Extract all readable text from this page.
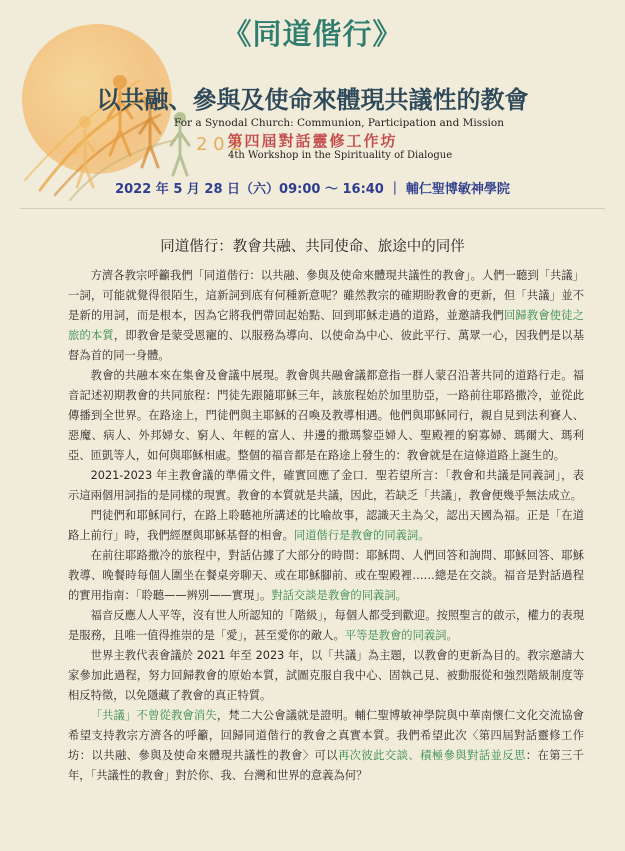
2 0 2
《同道偕行》
以共融、參與及使命來體現共議性的教會
For a Synodal Church: Communion, Participation and Mission
第四屆對話靈修工作坊
4th Workshop in the Spirituality of Dialogue
2022 年 5 月 28 日（六）09:00 ～ 16:40 ｜ 輔仁聖博敏神學院
同道偕行：教會共融、共同使命、旅途中的同伴

方濟各教宗呼籲我們「同道偕行：以共融、參與及使命來體現共議性的教會」。人們一聽到「共議」一詞，可能就覺得很陌生，這新詞到底有何種新意呢？雖然教宗的確期盼教會的更新，但「共議」並不是新的用詞，而是根本，因為它將我們帶回起始點、回到耶穌走過的道路，並邀請我們回歸教會使徒之旅的本質，即教會是蒙受恩寵的、以服務為導向、以使命為中心、彼此平行、萬眾一心，因我們是以基督為首的同一身體。

教會的共融本來在集會及會議中展現。教會與共融會議都意指一群人蒙召沿著共同的道路行走。福音記述初期教會的共同旅程：門徒先跟隨耶穌三年，該旅程始於加里肋亞，一路前往耶路撒冷，並從此傳播到全世界。在路途上，門徒們與主耶穌的召喚及教導相遇。他們與耶穌同行，親自見到法利賽人、惡魔、病人、外邦婦女、窮人、年輕的富人、井邊的撒瑪黎亞婦人、聖殿裡的窮寡婦、瑪爾大、瑪利亞、匝凱等人，如何與耶穌相處。整個的福音都是在路途上發生的：教會就是在這條道路上誕生的。

2021-2023 年主教會議的準備文件，確實回應了金口．聖若望所言：「教會和共議是同義詞」，表示這兩個用詞指的是同樣的現實。教會的本質就是共議，因此，若缺乏「共議」，教會便幾乎無法成立。

門徒們和耶穌同行，在路上聆聽祂所講述的比喻故事，認識天主為父，認出天國為福。正是「在道路上前行」時，我們經歷與耶穌基督的相會。同道偕行是教會的同義詞。

在前往耶路撒冷的旅程中，對話佔據了大部分的時間：耶穌問、人們回答和詢問、耶穌回答、耶穌教導、晚餐時每個人圍坐在餐桌旁聊天、或在耶穌腳前、或在聖殿裡……總是在交談。福音是對話過程的實用指南：「聆聽——辨別——實現」。對話交談是教會的同義詞。

福音反應人人平等，沒有世人所認知的「階級」，每個人都受到歡迎。按照聖言的啟示，權力的表現是服務，且唯一值得推崇的是「愛」，甚至愛你的敵人。平等是教會的同義詞。

世界主教代表會議於 2021 年至 2023 年，以「共議」為主題，以教會的更新為目的。教宗邀請大家參加此過程，努力回歸教會的原始本質，試圖克服自我中心、固執己見、被動服從和強烈階級制度等相反特徵，以免隱藏了教會的真正特質。

「共議」不曾從教會消失，梵二大公會議就是證明。輔仁聖博敏神學院與中華南懷仁文化交流協會希望支持教宗方濟各的呼籲，回歸同道偕行的教會之真實本質。我們希望此次〈第四屆對話靈修工作坊：以共融、參與及使命來體現共議性的教會〉可以再次彼此交談、積極參與對話並反思：在第三千年，「共議性的教會」對於你、我、台灣和世界的意義為何？
